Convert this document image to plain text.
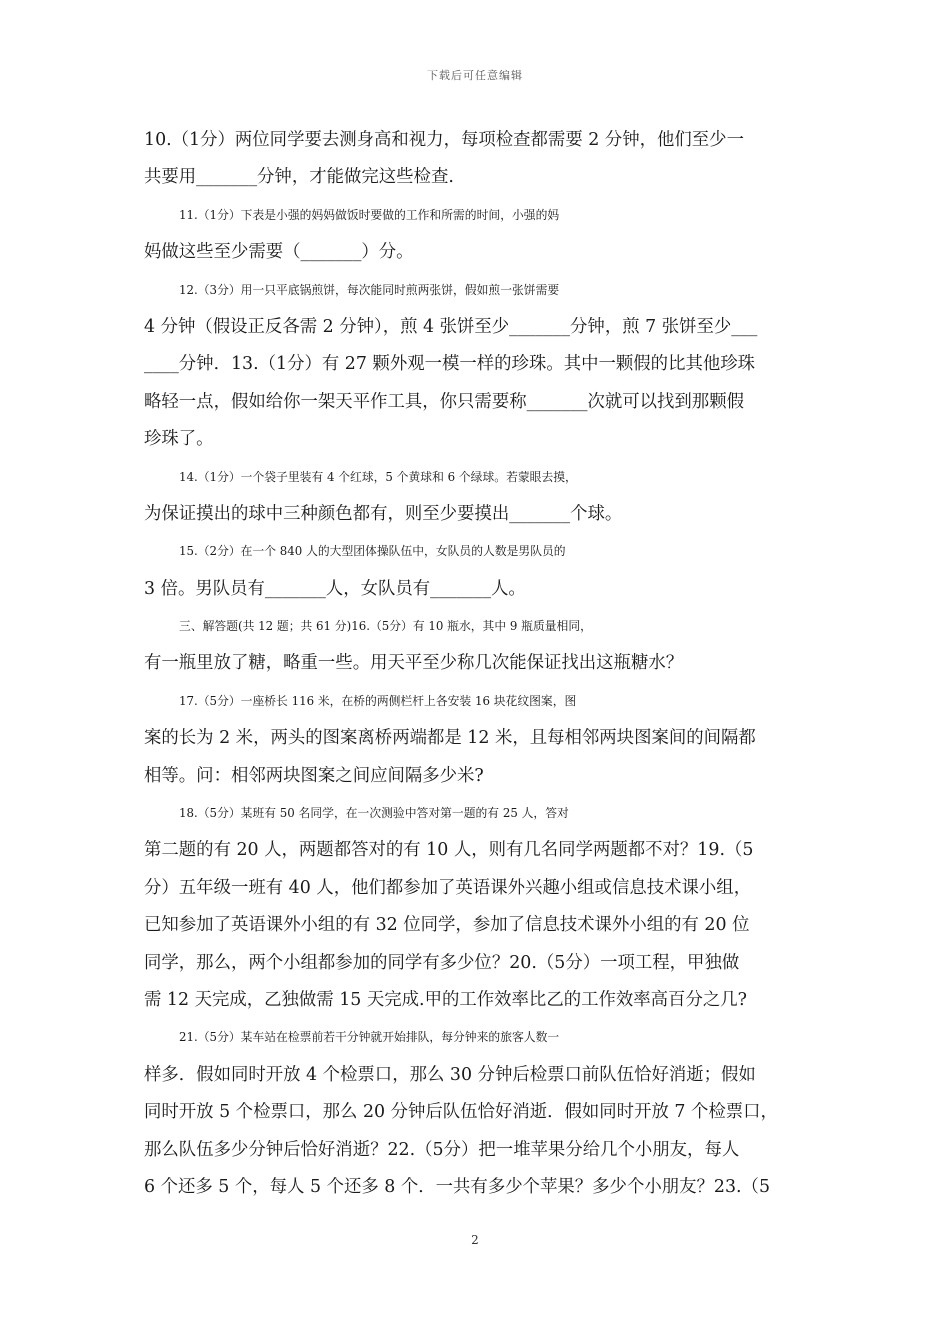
下载后可任意编辑
10.（1分）两位同学要去测身高和视力，每项检查都需要 2 分钟，他们至少一
共要用_______分钟，才能做完这些检查.
11.（1分）下表是小强的妈妈做饭时要做的工作和所需的时间，小强的妈
妈做这些至少需要（_______）分。
12.（3分）用一只平底锅煎饼，每次能同时煎两张饼，假如煎一张饼需要
4 分钟（假设正反各需 2 分钟），煎 4 张饼至少_______分钟，煎 7 张饼至少___
____分钟．13.（1分）有 27 颗外观一模一样的珍珠。其中一颗假的比其他珍珠
略轻一点，假如给你一架天平作工具，你只需要称_______次就可以找到那颗假
珍珠了。
14.（1分）一个袋子里装有 4 个红球，5 个黄球和 6 个绿球。若蒙眼去摸，
为保证摸出的球中三种颜色都有，则至少要摸出_______个球。
15.（2分）在一个 840 人的大型团体操队伍中，女队员的人数是男队员的
3 倍。男队员有_______人，女队员有_______人。
三、解答题(共 12 题；共 61 分)16.（5分）有 10 瓶水，其中 9 瓶质量相同，
有一瓶里放了糖，略重一些。用天平至少称几次能保证找出这瓶糖水？
17.（5分）一座桥长 116 米，在桥的两侧栏杆上各安装 16 块花纹图案，图
案的长为 2 米，两头的图案离桥两端都是 12 米，且每相邻两块图案间的间隔都
相等。问：相邻两块图案之间应间隔多少米?
18.（5分）某班有 50 名同学，在一次测验中答对第一题的有 25 人，答对
第二题的有 20 人，两题都答对的有 10 人，则有几名同学两题都不对？19.（5
分）五年级一班有 40 人，他们都参加了英语课外兴趣小组或信息技术课小组，
已知参加了英语课外小组的有 32 位同学，参加了信息技术课外小组的有 20 位
同学，那么，两个小组都参加的同学有多少位？20.（5分）一项工程，甲独做
需 12 天完成，乙独做需 15 天完成.甲的工作效率比乙的工作效率高百分之几?
21.（5分）某车站在检票前若干分钟就开始排队，每分钟来的旅客人数一
样多．假如同时开放 4 个检票口，那么 30 分钟后检票口前队伍恰好消逝；假如
同时开放 5 个检票口，那么 20 分钟后队伍恰好消逝．假如同时开放 7 个检票口，
那么队伍多少分钟后恰好消逝？22.（5分）把一堆苹果分给几个小朋友，每人
6 个还多 5 个，每人 5 个还多 8 个．一共有多少个苹果？多少个小朋友？23.（5
2
